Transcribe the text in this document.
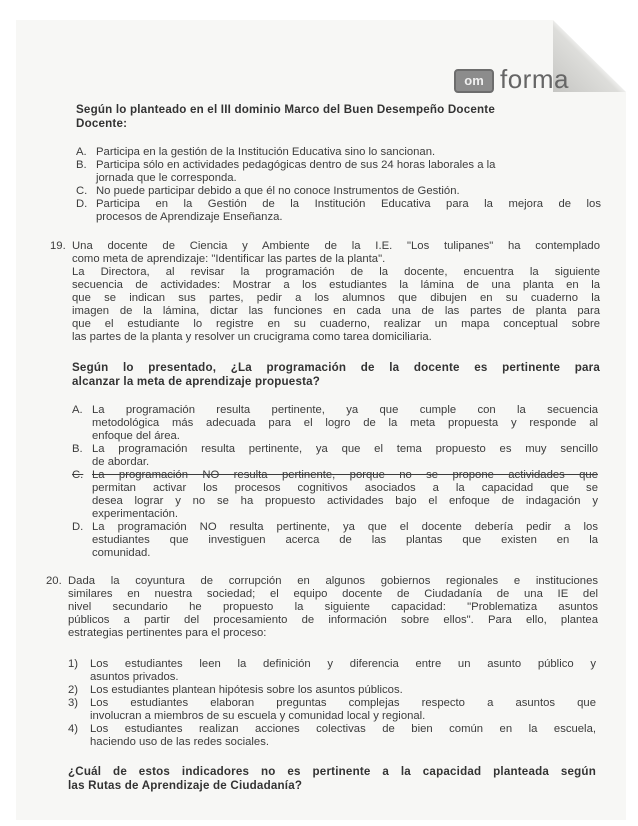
om forma
Según lo planteado en el III dominio Marco del Buen Desempeño Docente
Docente:
A. Participa en la gestión de la Institución Educativa sino lo sancionan.
B. Participa sólo en actividades pedagógicas dentro de sus 24 horas laborales a la
jornada que le corresponda.
C. No puede participar debido a que él no conoce Instrumentos de Gestión.
D. Participa en la Gestión de la Institución Educativa para la mejora de los
procesos de Aprendizaje Enseñanza.
19. Una docente de Ciencia y Ambiente de la I.E. "Los tulipanes" ha contemplado
como meta de aprendizaje: "Identificar las partes de la planta".
La Directora, al revisar la programación de la docente, encuentra la siguiente
secuencia de actividades: Mostrar a los estudiantes la lámina de una planta en la
que se indican sus partes, pedir a los alumnos que dibujen en su cuaderno la
imagen de la lámina, dictar las funciones en cada una de las partes de planta para
que el estudiante lo registre en su cuaderno, realizar un mapa conceptual sobre
las partes de la planta y resolver un crucigrama como tarea domiciliaria.
Según lo presentado, ¿La programación de la docente es pertinente para
alcanzar la meta de aprendizaje propuesta?
A. La programación resulta pertinente, ya que cumple con la secuencia
metodológica más adecuada para el logro de la meta propuesta y responde al
enfoque del área.
B. La programación resulta pertinente, ya que el tema propuesto es muy sencillo
de abordar.
C. La programación NO resulta pertinente, porque no se propone actividades que
permitan activar los procesos cognitivos asociados a la capacidad que se
desea lograr y no se ha propuesto actividades bajo el enfoque de indagación y
experimentación.
D. La programación NO resulta pertinente, ya que el docente debería pedir a los
estudiantes que investiguen acerca de las plantas que existen en la
comunidad.
20. Dada la coyuntura de corrupción en algunos gobiernos regionales e instituciones
similares en nuestra sociedad; el equipo docente de Ciudadanía de una IE del
nivel secundario he propuesto la siguiente capacidad: "Problematiza asuntos
públicos a partir del procesamiento de información sobre ellos". Para ello, plantea
estrategias pertinentes para el proceso:
1) Los estudiantes leen la definición y diferencia entre un asunto público y
asuntos privados.
2) Los estudiantes plantean hipótesis sobre los asuntos públicos.
3) Los estudiantes elaboran preguntas complejas respecto a asuntos que
involucran a miembros de su escuela y comunidad local y regional.
4) Los estudiantes realizan acciones colectivas de bien común en la escuela,
haciendo uso de las redes sociales.
¿Cuál de estos indicadores no es pertinente a la capacidad planteada según
las Rutas de Aprendizaje de Ciudadanía?
